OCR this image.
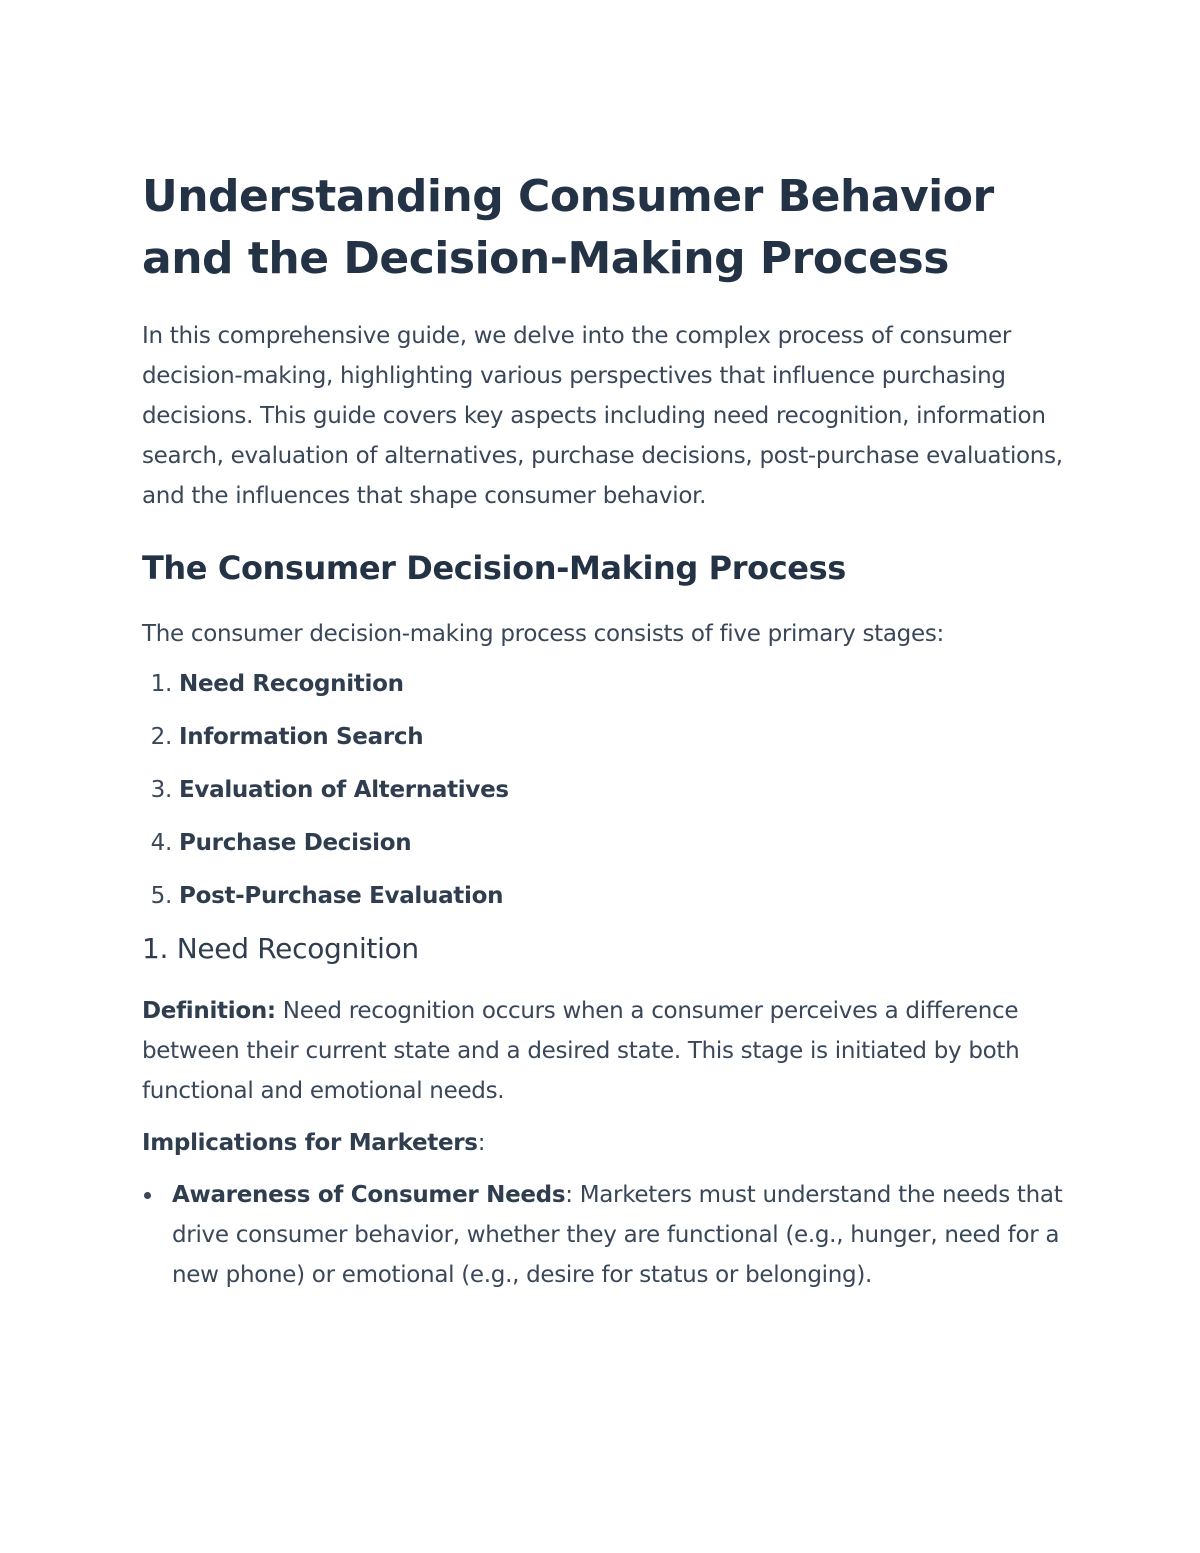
Understanding Consumer Behavior and the Decision-Making Process

In this comprehensive guide, we delve into the complex process of consumer decision-making, highlighting various perspectives that influence purchasing decisions. This guide covers key aspects including need recognition, information search, evaluation of alternatives, purchase decisions, post-purchase evaluations, and the influences that shape consumer behavior.

The Consumer Decision-Making Process

The consumer decision-making process consists of five primary stages:

1.
Need Recognition
2.
Information Search
3.
Evaluation of Alternatives
4.
Purchase Decision
5.
Post-Purchase Evaluation
1. Need Recognition

Definition: Need recognition occurs when a consumer perceives a difference between their current state and a desired state. This stage is initiated by both functional and emotional needs.

Implications for Marketers:

Awareness of Consumer Needs: Marketers must understand the needs that drive consumer behavior, whether they are functional (e.g., hunger, need for a new phone) or emotional (e.g., desire for status or belonging).
